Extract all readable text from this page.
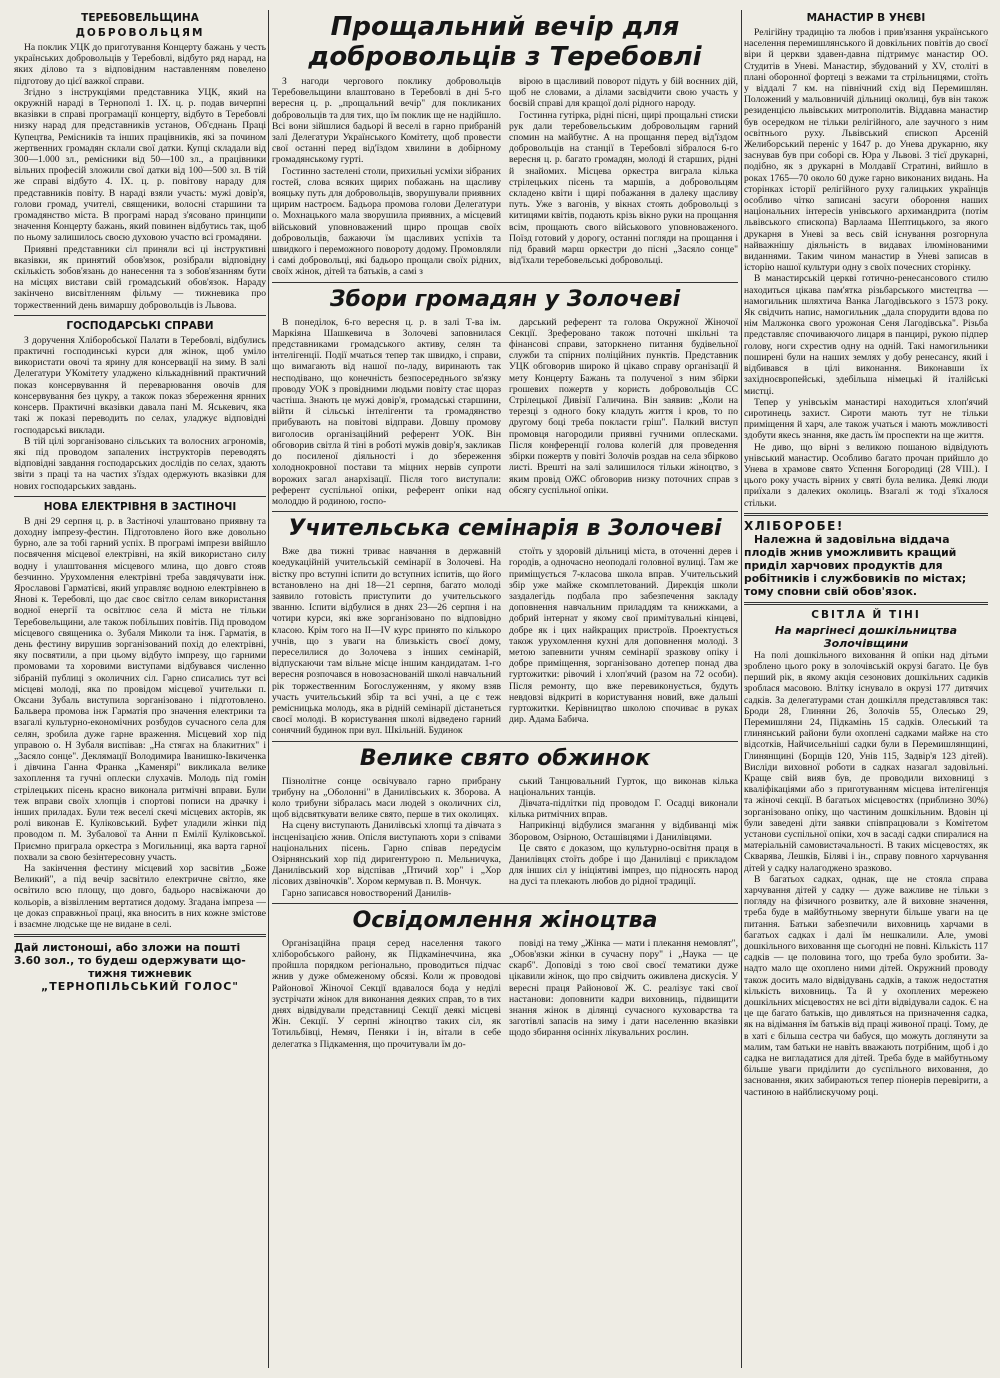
ТЕРЕБОВЕЛЬЩИНА
ДОБРОВОЛЬЦЯМ

На поклик УЦК до приготування Концерту бажань у честь українських добровольців у Теребовлі, відбуто ряд нарад, на яких ділово та з відповідним наставленням повелено підготову до цієї важкої справи.

Згідно з інструкціями представника УЦК, який на окружній нараді в Тернополі 1. IX. ц. р. подав вичерпні вказівки в справі програмації концерту, відбуто в Теребовлі низку нарад для представників установ, Об'єднань Праці Купецтва, Ремісників та інших працівників, які за почином жертвенних громадян склали свої датки. Купці складали від 300—1.000 зл., ремісники від 50—100 зл., а працівники вільних професій зложили свої датки від 100—500 зл. В тій же справі відбуто 4. IX. ц. р. повітову нараду для представників повіту. В нараді взяли участь: мужі довір'я, голови громад, учителі, священики, волосні старшини та громадянство міста. В програмі нарад з'ясовано принципи значення Концерту бажань, який повинен відбутись так, щоб по ньому залишилось своєю духовою участю всі громадяни.

Приявні представники сіл приняли всі ці інструктивні вказівки, як принятий обов'язок, розібрали відповідну скількість зобов'язань до нанесення та з зобов'язанням бути на місцях вистави свій громадський обов'язок. Нараду закінчено висвітленням фільму — тижневика про торжественний день вимаршу добровольців із Львова.

ГОСПОДАРСЬКІ СПРАВИ

З доручення Хліборобської Палати в Теребовлі, відбулись практичні господинські курси для жінок, щоб уміло використати овочі та ярину для консервації на зиму. В залі Делегатури УКомітету уладжено кількаднівний практичний показ консервування й переварювання овочів для консервування без цукру, а також показ збереження ярнних консерв. Практичні вказівки давала пані М. Яськевич, яка такі ж показі переводить по селах, уладжує відповідні господарські виклади.

В тій цілі зорганізовано сільських та волосних агрономів, які під проводом запалених інструкторів переводять відповідні завдання господарських дослідів по селах, здають звіти з праці та на частих з'їздах одержують вказівки для нових господарських завдань.

НОВА ЕЛЕКТРІВНЯ В ЗАСТІНОЧІ

В дні 29 серпня ц. р. в Застіночі улаштовано приявну та доходну імпрезу-фестин. Підготовлено його вже довольно бурно, але за тобі гарний успіх. В програмі імпрези ввійшло посвячення місцевої електрівні, на якій використано силу водну і улаштовання місцевого млина, що довго стояв безчинно. Урухомлення електрівні треба завдячувати інж. Ярославові Гарматієві, який управляє водною електрівнею в Янові к. Теребовлі, що дає своє світло селам використання водної енергії та освітлює села й міста не тільки Теребовельщини, але також побільших повітів. Під проводом місцевого священика о. Зубаля Миколи та інж. Гарматія, в день фестину вирушив зорганізований похід до електрівні, яку посвятили, а при цьому відбуто імпрезу, що гарними промовами та хоровими виступами відбувався численно зібраній публиці з околичних сіл. Гарно списались тут всі місцеві молоді, яка по провідом місцевої учительки п. Оксани Зубаль виступила зорганізовано і підготовлено. Бальвера промова інж Гарматія про значення електрики та взагалі культурно-економічних розбудов сучасного села для селян, зробила дуже гарне враження. Місцевий хор під управою о. Н Зубаля виспівав: „На стягах на блакитних" і „Засяло сонце". Деклямації Володимира Іванишко-Івкиченка і дівчина Ганна Франка „Каменярі" викликала велике захоплення та гучні оплески слухачів. Молодь під гомін стрілецьких пісень красно виконала ритмічні вправи. Були теж вправи своїх хлопців і спортові пописи на драчку і інших приладах. Були теж веселі скечі місцевих акторів, як ролі виконав Е. Куліковський. Буфет уладили жінки під проводом п. М. Зубалової та Анни п Емілії Куліковської. Приємно приграла оркестра з Могильниці, яка варта гарної похвали за свою безінтересовну участь.

На закінчення фестину місцевий хор засвітив „Боже Великий", а під вечір засвітило електричне світло, яке освітило всю площу, що довго, бадьоро насвіжаючи до кольорів, а візвілленим вертатися додому. Згадана імпреза — це доказ справжньої праці, яка вносить в них кожне змістове і взаємне людське ще не видане в селі.

Дай листоноші, або зложи на пошті 3.60 зол., то будеш одержувати що-
тижня тижневик
„ТЕРНОПІЛЬСЬКИЙ ГОЛОС"
Прощальний вечір для добровольців з Теребовлі

З нагоди чергового поклику добровольців Теребовельщини влаштовано в Теребовлі в дні 5-го вересня ц. р. „прощальний вечір" для покликаних добровольців та для тих, що їм поклик ще не надійшло. Всі вони зійшлися бадьорі й веселі в гарно прибраній залі Делегатури Українського Комітету, щоб провести свої останні перед від'їздом хвилини в добірному громадянському гурті.

Гостинно застелені столи, прихильні усміхи зібраних гостей, слова всяких щирих побажань на щасливу вояцьку путь для добровольців, зворушували приявних щирим настроєм. Бадьора промова голови Делегатури о. Мохнацького мала зворушила приявних, а місцевий військовий уповноважений щиро прощав своїх добровольців, бажаючи їм щасливих успіхів та швидкого і переможного повороту додому. Промовляли і самі добровольці, які бадьоро прощали своїх рідних, своїх жінок, дітей та батьків, а самі з

вірою в щасливий поворот підуть у бій воєнних дій, щоб не словами, а ділами засвідчити свою участь у боєвій справі для кращої долі рідного народу.

Гостинна гутірка, рідні пісні, щирі прощальні стиски рук дали теребовельським добровольцям гарний спомин на майбутнє. А на прощання перед від'їздом добровольців на станції в Теребовлі зібралося 6-го вересня ц. р. багато громадян, молоді й старших, рідні й знайомих. Місцева оркестра виграла кілька стрілецьких пісень та маршів, а добровольцям складено квіти і щирі побажання в далеку щасливу путь. Уже з вагонів, у вікнах стоять добровольці з китицями квітів, подають крізь вікно руки на прощання всім, прощають свого військового уповноваженого. Поїзд готовий у дорогу, останні погляди на прощання і під бравий марш оркестри до пісні „Засяло сонце" від'їхали теребовельські добровольці.

Збори громадян у Золочеві

В понеділок, 6-го вересня ц. р. в залі Т-ва ім. Маркіяна Шашкевича в Золочеві заповнилася представниками громадського активу, селян та інтелігенції. Події мчаться тепер так швидко, і справи, що вимагають від нашої по-ладу, виринають так несподівано, що конечність безпосереднього зв'язку проводу УОК з провідними людьми повіту стає щораз частіша. Знають це мужі довір'я, громадські старшини, війти й сільські інтелігенти та громадянство прибувають на повітові відправи. Довшу промову виголосив організаційний референт УОК. Він обговорив світла й тіні в роботі мужів довір'я, закликав до посиленої діяльності і до збереження холоднокровної постави та міцних нервів супроти ворожих загал анархізації. Після того виступали: референт суспільної опіки, референт опіки над молоддю й родиною, госпо-

дарський референт та голова Окружної Жіночої Секції. Зреферовано також поточні шкільні та фінансові справи, заторкнено питання будівельної служби та спірних поліційних пунктів. Представник УЦК обговорив широко й цікаво справу організації й мету Концерту Бажань та полученої з ним збірки грошевих пожертв у користь добровольців СС Стрілецької Дивізії Галичина. Він заявив: „Коли на терезці з одного боку кладуть життя і кров, то по другому боці треба покласти гріш". Палкий виступ промовця нагородили приявні гучними оплесками. Після конференції голова колегій для проведення збірки пожертв у повіті Золочів роздав на села збірково листі. Врешті на залі залишилося тільки жіноцтво, з яким провід ОЖС обговорив низку поточних справ з обсягу суспільної опіки.

Учительська семінарія в Золочеві

Вже два тижні триває навчання в державній коедукаційній учительській семінарії в Золочеві. На вістку про вступні іспити до вступних іспитів, що його встановлено на дні 18—21 серпня, багато молоді заявило готовість приступити до учительського званню. Іспити відбулися в днях 23—26 серпня і на чотири курси, які вже зорганізовано по відповідно класою. Крім того на II—IV курс принято по кількоро учнів, що з уваги на близькість своєї дому, переселилися до Золочева з інших семінарій, відпускаючи там вільне місце іншим кандидатам. 1-го вересня розпочався в новозаснованій школі навчальний рік торжественним Богослуженням, у якому взяв участь учительський збір та всі учні, а це є теж ремісницька молодь, яка в рідній семінарії дістанеться своєї молоді. В користування школі відведено гарний сонячний будинок при вул. Шкільній. Будинок

стоїть у здоровій дільниці міста, в оточенні дерев і городів, а одночасно неоподалі головної вулиці. Там же приміщується 7-класова школа вправ. Учительський збір уже майже скомплетований. Дирекція школи заздалегідь подбала про забезпечення закладу доповнення навчальним приладдям та книжками, а добрий інтернат у якому свої примітувальні кінцеві, добре як і цих найкращих пристроїв. Проектується також урухомлення кухні для доповнення молоді. З метою запевнити учням семінарії зразкову опіку і добре приміщення, зорганізовано дотепер понад два гуртожитки: рівочий і хлоп'ячий (разом на 72 особи). Після ремонту, що вже перевиконується, будуть невдовзі відкриті в користування новий, вже дальші гуртожитки. Керівництво школою спочиває в руках дир. Адама Бабича.

Велике свято обжинок

Пізнолітне сонце освічувало гарно прибрану трибуну на „Оболонні" в Данилівських к. Зборова. А коло трибуни зібралась маси людей з околичних сіл, щоб відсвяткувати велике свято, перше в тих околицях.

На сцену виступають Данилівські хлопці та дівчата з інсценізацією жнив. Опісля виступають хори з співами національних пісень. Гарно співав передусім Озірнянський хор під диригентурою п. Мельничука, Данилівський хор відспівав „Птичий хор" і „Хор лісових дзвіночків". Хором кермував п. В. Мончук.

Гарно записався новостворений Данилів-

ський Танцювальний Гурток, що виконав кілька національних танців.

Дівчата-підлітки під проводом Г. Осадці виконали кілька ритмічних вправ.

Наприкінці відбулися змагання у відбиванці між Зборовом, Озірною, Осташівцями і Данилівцями.

Це свято є доказом, що культурно-освітня праця в Данилівцях стоїть добре і що Данилівці є прикладом для інших сіл у ініціятиві імпрез, що підносять народ на дусі та плекають любов до рідної традиції.

Освідомлення жіноцтва

Організаційна праця серед населення такого хліборобського району, як Підкамінеччина, яка пройшла порядком регіонально, проводиться підчас жнив у дуже обмеженому обсязі. Коли ж проводові Районової Жіночої Секції вдавалося бода у неділі зустрічати жінок для виконання деяких справ, то в тих днях відвідували представниці Секції деякі місцеві Жін. Секції. У серпні жіноцтво таких сіл, як Тотильбівці, Немяч, Пеняки і ін, вітали в себе делегатка з Підкамення, що прочитували їм до-

повіді на тему „Жінка — мати і плекання немовлят", „Обов'язки жінки в сучасну пору" і „Наука — це скарб". Доповіді з тою свої своєї тематики дуже цікавили жінок, що про свідчить оживлена дискусія. У вересні праця Районової Ж. С. реалізує такі свої настанови: доповнити кадри виховниць, підвищити знання жінок в ділянці сучасного куховарства та заготівлі запасів на зиму і дати населенню вказівки щодо збирання осінніх лікувальних рослин.

МАНАСТИР В УНЄВІ

Релігійну традицію та любов і прив'язання українського населення перемишлянського й довкільних повітів до своєї віри й церкви здавен-давна підтримує манастир ОО. Студитів в Уневі. Манастир, збудований у XV, століті в плані оборонної фортеці з вежами та стрільницями, стоїть у віддалі 7 км. на північний схід від Перемишлян. Положений у мальовничій дільниці околиці, був він також резиденцією львівських митрополитів. Віддавна манастир був осередком не тільки релігійного, але заучного з ним освітнього руху. Львівський єпископ Арсеній Желиборський переніс у 1647 р. до Унева друкарню, яку заснував був при соборі св. Юра у Львові. З тієї друкарні, подібно, як з друкарні в Молдавії Стратині, вийшло в роках 1765—70 около 60 дуже гарно виконаних видань. На сторінках історії релігійного руху галицьких українців особливо чітко записані засуги обороння наших національних інтересів унівського архимандрита (потім львівського єпископа) Варлаама Шептицького, за якого друкарня в Уневі за весь свій існування розгорнула найважнішу діяльність в видавах ілюмінованими виданнями. Таким чином манастир в Уневі записав в історію нашої культури одну з своїх почесних сторінку.

В манастирській церкві готично-ренесансового стилю находиться цікава пам'ятка різьбарського мистецтва — намогильник шляхтича Ванка Лагодівського з 1573 року. Як свідчить напис, намогильник „дала спорудити вдова по нім Малжонка свого урожоная Сеня Лагодівська". Різьба представляє спочиваючого лицаря в панцирі, рукою підпер голову, ноги схрестив одну на одній. Такі намогильники поширені були на наших землях у добу ренесансу, який і відбивався в цілі виконання. Виконавши їх західноєвропейські, здебільша німецькі й італійські мистці.

Тепер у унівськім манастирі находиться хлоп'ячий сиротинець захист. Сироти мають тут не тільки приміщення й харч, але також учаться і мають можливості здобути якесь знання, яке дасть їм проспекти на ще життя.

Не диво, що вірні з великою пошаною відвідують унівський манастир. Особливо багато прочан прийшло до Унева в храмове свято Успення Богородиці (28 VIII.). І цього року участь вірних у святі була велика. Деякі люди приїхали з далеких околиць. Взагалі ж тоді з'їхалося стільки.

ХЛІБОРОБЕ!
Належна й задовільна віддача плодів жнив уможливить кращий приділ харчових продуктів для робітників і службовиків по містах; тому сповни свій обов'язок.
СВІТЛА Й ТІНІ
На маргінесі дошкільництва Золочівщини

На полі дошкільного виховання й опіки над дітьми зроблено цього року в золочівській окрузі багато. Це був перший рік, в якому акція сезонових дошкільних садиків зроблася масовою. Влітку існувало в окрузі 177 дитячих садків. За делегатурами стан дошкілля представлявся так: Броди 28, Глиняни 26, Золочів 55, Олесько 29, Перемишляни 24, Підкамінь 15 садків. Олеський та глинянський райони були охоплені садками майже на сто відсотків, Найчисельніші садки були в Перемишлянщині, Глинянщині (Борщів 120, Унів 115, Задвір'я 123 дітей). Висліди виховної роботи в садках назагал задовільні. Краще свій вияв був, де проводили виховниці з кваліфікаціями або з приготуванням місцева інтелігенція та жіночі секції. В багатьох місцевостях (приблизно 30%) зорганізовано опіку, що частиним дошкільним. Вдовін ці були заведені діти заявки співпрацювали з Комітетом установи суспільної опіки, хоч в засаді садки спиралися на матеріальній самовистачальності. В таких місцевостях, як Скварява, Лешків, Біляві і ін., справу повного харчування дітей у садку налагоджено зразково.

В багатьох садках, однак, ще не стояла справа харчування дітей у садку — дуже важливе не тільки з погляду на фізичного розвитку, але й виховне значення, треба буде в майбутньому звернути більше уваги на це питання. Батьки забезпечили виховниць харчами в багатьох садках і далі їм нешкалили. Але, умові дошкільного виховання ще сьогодні не повні. Кількість 117 садків — це половина того, що треба було зробити. За-надто мало ще охоплено ними дітей. Окружний проводу також досить мало відвідувань садків, а також недостатня кількість виховниць. Та й у охоплених мережею дошкільних місцевостях не всі діти відвідували садок. Є на це ще багато батьків, що дивляться на призначення садка, як на відімання їм батьків від праці живоної праці. Тому, де в хаті є більша сестра чи бабуся, що можуть доглянути за малим, там батьки не навіть вважають потрібним, щоб і до садка не вигладатися для дітей. Треба буде в майбутньому більше уваги приділити до суспільного виховання, до засновання, яких забираються тепер піонерів перевірити, а частиною в найблискучому році.
